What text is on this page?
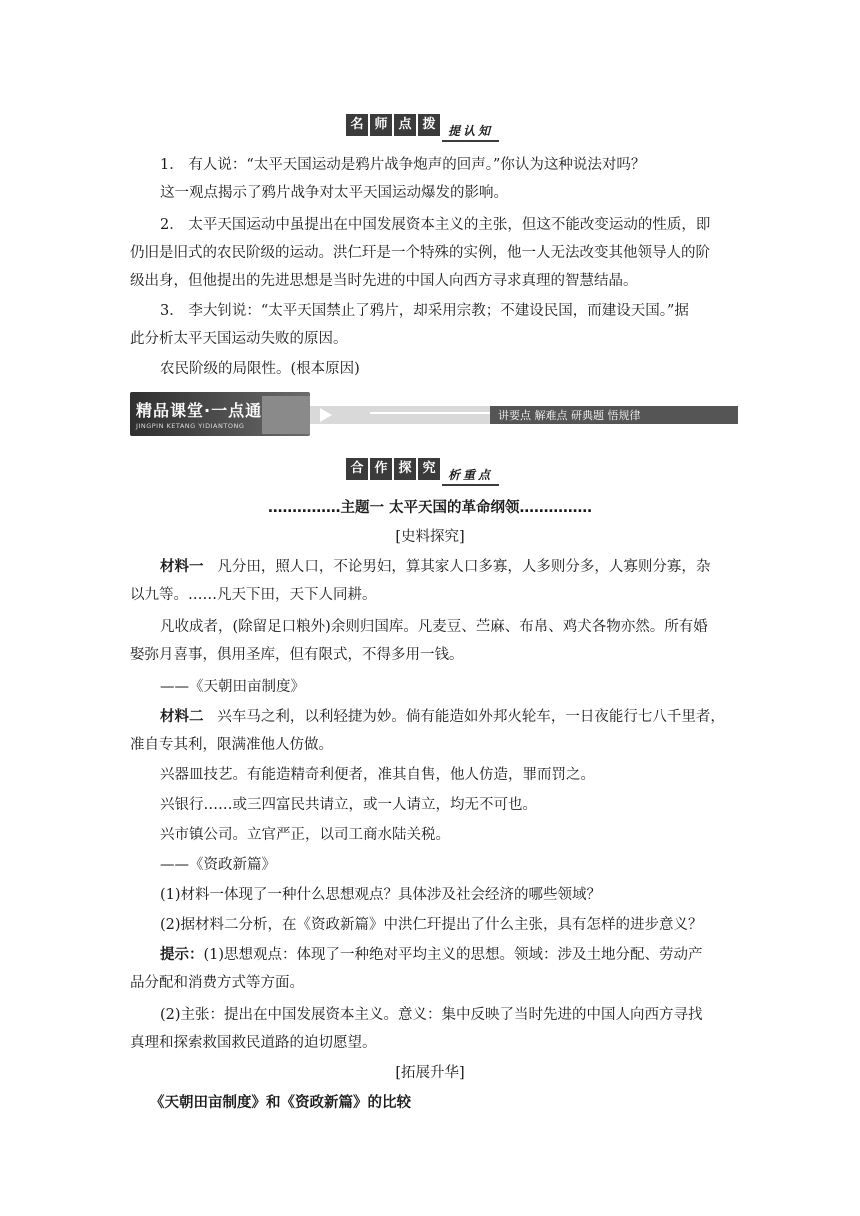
名 师 点 拨	提认知

1． 有人说：“太平天国运动是鸦片战争炮声的回声。”你认为这种说法对吗？

这一观点揭示了鸦片战争对太平天国运动爆发的影响。

2． 太平天国运动中虽提出在中国发展资本主义的主张，但这不能改变运动的性质，即

仍旧是旧式的农民阶级的运动。洪仁玕是一个特殊的实例，他一人无法改变其他领导人的阶

级出身，但他提出的先进思想是当时先进的中国人向西方寻求真理的智慧结晶。

3． 李大钊说：“太平天国禁止了鸦片，却采用宗教；不建设民国，而建设天国。”据

此分析太平天国运动失败的原因。

农民阶级的局限性。(根本原因)

精品课堂·一点通
JINGPIN KETANG YIDIANTONG
讲要点 解难点 研典题 悟规律
合 作 探 究	析重点

……………主题一 太平天国的革命纲领……………

[史料探究]

材料一 凡分田，照人口，不论男妇，算其家人口多寡，人多则分多，人寡则分寡，杂

以九等。……凡天下田，天下人同耕。

凡收成者，(除留足口粮外)余则归国库。凡麦豆、苎麻、布帛、鸡犬各物亦然。所有婚

娶弥月喜事，俱用圣库，但有限式，不得多用一钱。

——《天朝田亩制度》

材料二 兴车马之利，以利轻捷为妙。倘有能造如外邦火轮车，一日夜能行七八千里者，

准自专其利，限满准他人仿做。

兴器皿技艺。有能造精奇利便者，准其自售，他人仿造，罪而罚之。

兴银行……或三四富民共请立，或一人请立，均无不可也。

兴市镇公司。立官严正，以司工商水陆关税。

——《资政新篇》

(1)材料一体现了一种什么思想观点？具体涉及社会经济的哪些领域？

(2)据材料二分析，在《资政新篇》中洪仁玕提出了什么主张，具有怎样的进步意义？

提示：(1)思想观点：体现了一种绝对平均主义的思想。领域：涉及土地分配、劳动产

品分配和消费方式等方面。

(2)主张：提出在中国发展资本主义。意义：集中反映了当时先进的中国人向西方寻找

真理和探索救国救民道路的迫切愿望。

[拓展升华]

《天朝田亩制度》和《资政新篇》的比较
